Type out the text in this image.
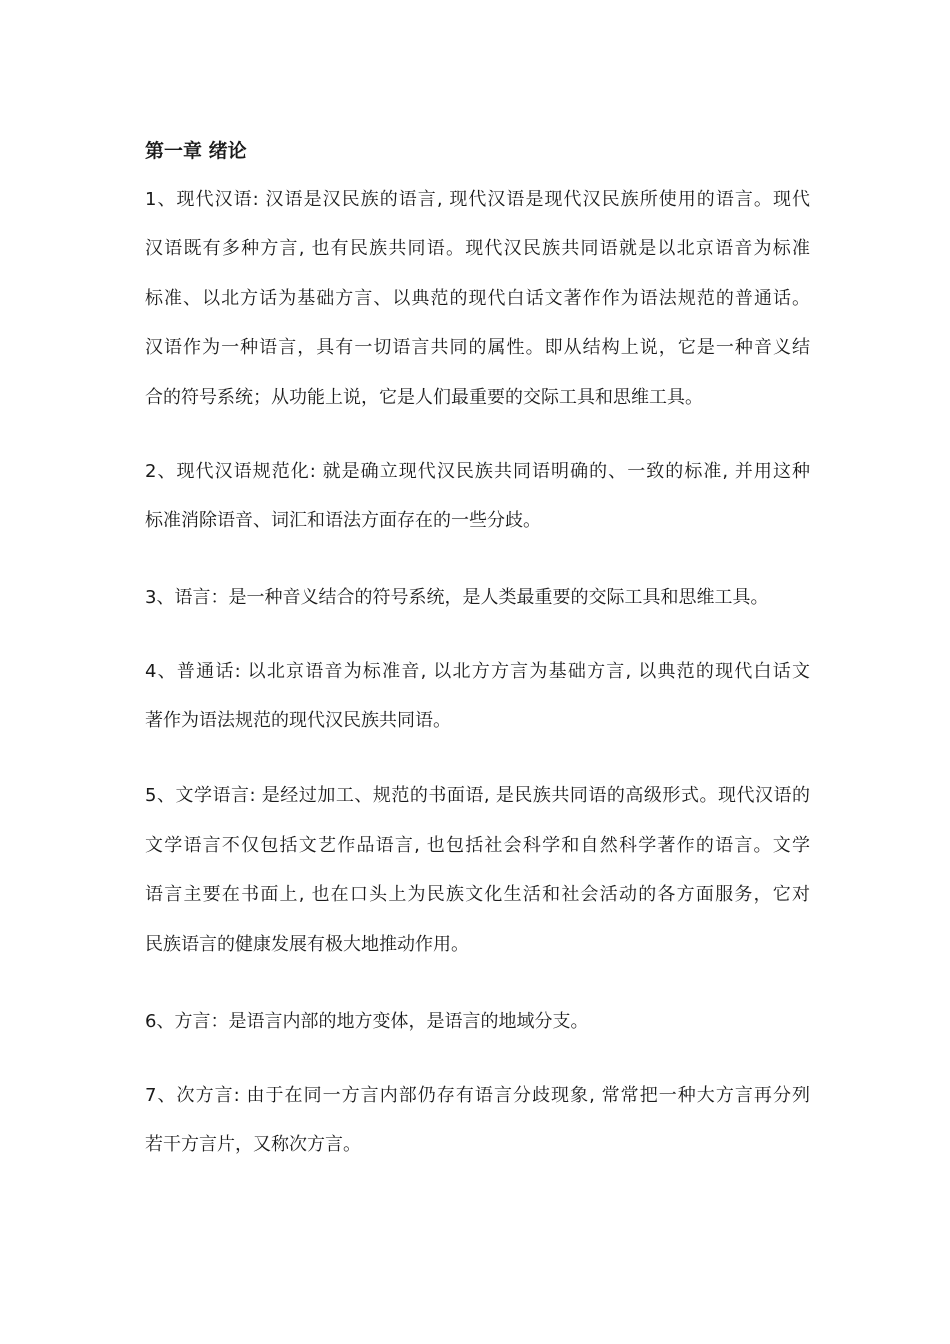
第一章 绪论
1、现代汉语: 汉语是汉民族的语言, 现代汉语是现代汉民族所使用的语言。现代
汉语既有多种方言, 也有民族共同语。现代汉民族共同语就是以北京语音为标准
标准、以北方话为基础方言、以典范的现代白话文著作作为语法规范的普通话。
汉语作为一种语言，具有一切语言共同的属性。即从结构上说，它是一种音义结
合的符号系统；从功能上说，它是人们最重要的交际工具和思维工具。
2、现代汉语规范化: 就是确立现代汉民族共同语明确的、一致的标准, 并用这种
标准消除语音、词汇和语法方面存在的一些分歧。
3、语言：是一种音义结合的符号系统，是人类最重要的交际工具和思维工具。
4、普通话: 以北京语音为标准音, 以北方方言为基础方言, 以典范的现代白话文
著作为语法规范的现代汉民族共同语。
5、文学语言: 是经过加工、规范的书面语, 是民族共同语的高级形式。现代汉语的
文学语言不仅包括文艺作品语言, 也包括社会科学和自然科学著作的语言。文学
语言主要在书面上, 也在口头上为民族文化生活和社会活动的各方面服务，它对
民族语言的健康发展有极大地推动作用。
6、方言：是语言内部的地方变体，是语言的地域分支。
7、次方言: 由于在同一方言内部仍存有语言分歧现象, 常常把一种大方言再分列
若干方言片，又称次方言。
